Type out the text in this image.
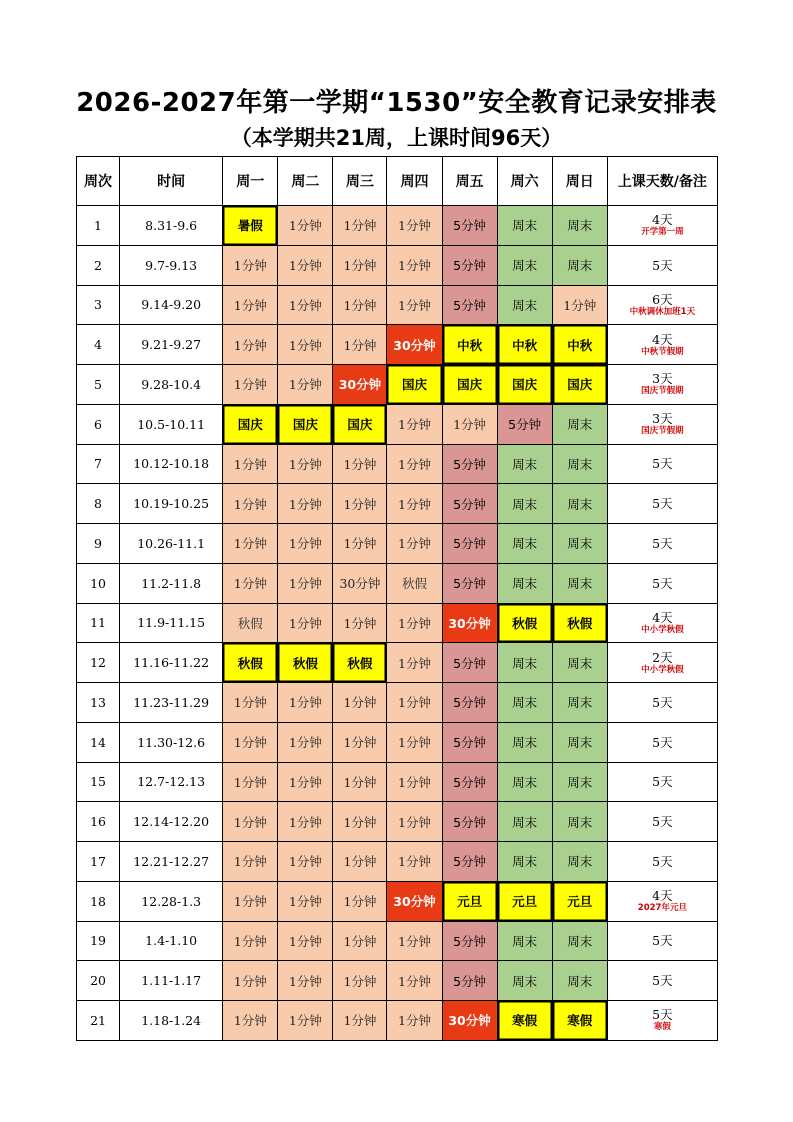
2026-2027年第一学期“1530”安全教育记录安排表
（本学期共21周，上课时间96天）
周次	时间	周一	周二	周三	周四	周五	周六	周日	上课天数/备注
1	8.31-9.6	暑假	1分钟	1分钟	1分钟	5分钟	周末	周末	4天
开学第一周

2	9.7-9.13	1分钟	1分钟	1分钟	1分钟	5分钟	周末	周末	5天

3	9.14-9.20	1分钟	1分钟	1分钟	1分钟	5分钟	周末	1分钟	6天
中秋调休加班1天

4	9.21-9.27	1分钟	1分钟	1分钟	30分钟	中秋	中秋	中秋	4天
中秋节假期

5	9.28-10.4	1分钟	1分钟	30分钟	国庆	国庆	国庆	国庆	3天
国庆节假期

6	10.5-10.11	国庆	国庆	国庆	1分钟	1分钟	5分钟	周末	3天
国庆节假期

7	10.12-10.18	1分钟	1分钟	1分钟	1分钟	5分钟	周末	周末	5天

8	10.19-10.25	1分钟	1分钟	1分钟	1分钟	5分钟	周末	周末	5天

9	10.26-11.1	1分钟	1分钟	1分钟	1分钟	5分钟	周末	周末	5天

10	11.2-11.8	1分钟	1分钟	30分钟	秋假	5分钟	周末	周末	5天

11	11.9-11.15	秋假	1分钟	1分钟	1分钟	30分钟	秋假	秋假	4天
中小学秋假

12	11.16-11.22	秋假	秋假	秋假	1分钟	5分钟	周末	周末	2天
中小学秋假

13	11.23-11.29	1分钟	1分钟	1分钟	1分钟	5分钟	周末	周末	5天

14	11.30-12.6	1分钟	1分钟	1分钟	1分钟	5分钟	周末	周末	5天

15	12.7-12.13	1分钟	1分钟	1分钟	1分钟	5分钟	周末	周末	5天

16	12.14-12.20	1分钟	1分钟	1分钟	1分钟	5分钟	周末	周末	5天

17	12.21-12.27	1分钟	1分钟	1分钟	1分钟	5分钟	周末	周末	5天

18	12.28-1.3	1分钟	1分钟	1分钟	30分钟	元旦	元旦	元旦	4天
2027年元旦

19	1.4-1.10	1分钟	1分钟	1分钟	1分钟	5分钟	周末	周末	5天

20	1.11-1.17	1分钟	1分钟	1分钟	1分钟	5分钟	周末	周末	5天

21	1.18-1.24	1分钟	1分钟	1分钟	1分钟	30分钟	寒假	寒假	5天
寒假
